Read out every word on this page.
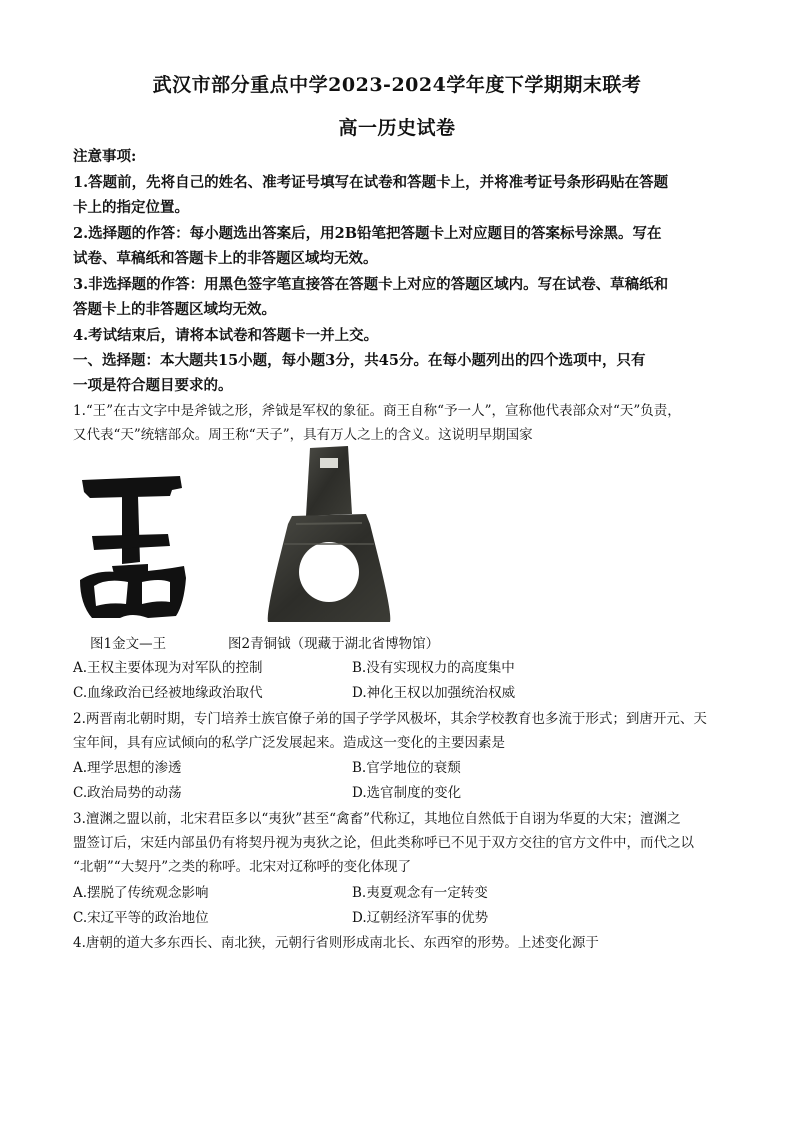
武汉市部分重点中学2023-2024学年度下学期期末联考
高一历史试卷
注意事项:
1.答题前，先将自己的姓名、准考证号填写在试卷和答题卡上，并将准考证号条形码贴在答题
卡上的指定位置。
2.选择题的作答：每小题选出答案后，用2B铅笔把答题卡上对应题目的答案标号涂黑。写在
试卷、草稿纸和答题卡上的非答题区域均无效。
3.非选择题的作答：用黑色签字笔直接答在答题卡上对应的答题区域内。写在试卷、草稿纸和
答题卡上的非答题区域均无效。
4.考试结束后，请将本试卷和答题卡一并上交。
一、选择题：本大题共15小题，每小题3分，共45分。在每小题列出的四个选项中，只有
一项是符合题目要求的。
1.“王”在古文字中是斧钺之形，斧钺是军权的象征。商王自称“予一人”，宣称他代表部众对“天”负责，
又代表“天”统辖部众。周王称“天子”，具有万人之上的含义。这说明早期国家
图1金文—王	图2青铜钺（现藏于湖北省博物馆）
A.王权主要体现为对军队的控制	B.没有实现权力的高度集中
C.血缘政治已经被地缘政治取代	D.神化王权以加强统治权威
2.两晋南北朝时期，专门培养士族官僚子弟的国子学学风极坏，其余学校教育也多流于形式；到唐开元、天
宝年间，具有应试倾向的私学广泛发展起来。造成这一变化的主要因素是
A.理学思想的渗透	B.官学地位的衰颓
C.政治局势的动荡	D.选官制度的变化
3.澶渊之盟以前，北宋君臣多以“夷狄”甚至“禽畜”代称辽，其地位自然低于自诩为华夏的大宋；澶渊之
盟签订后，宋廷内部虽仍有将契丹视为夷狄之论，但此类称呼已不见于双方交往的官方文件中，而代之以
“北朝”“大契丹”之类的称呼。北宋对辽称呼的变化体现了
A.摆脱了传统观念影响	B.夷夏观念有一定转变
C.宋辽平等的政治地位	D.辽朝经济军事的优势
4.唐朝的道大多东西长、南北狭，元朝行省则形成南北长、东西窄的形势。上述变化源于
